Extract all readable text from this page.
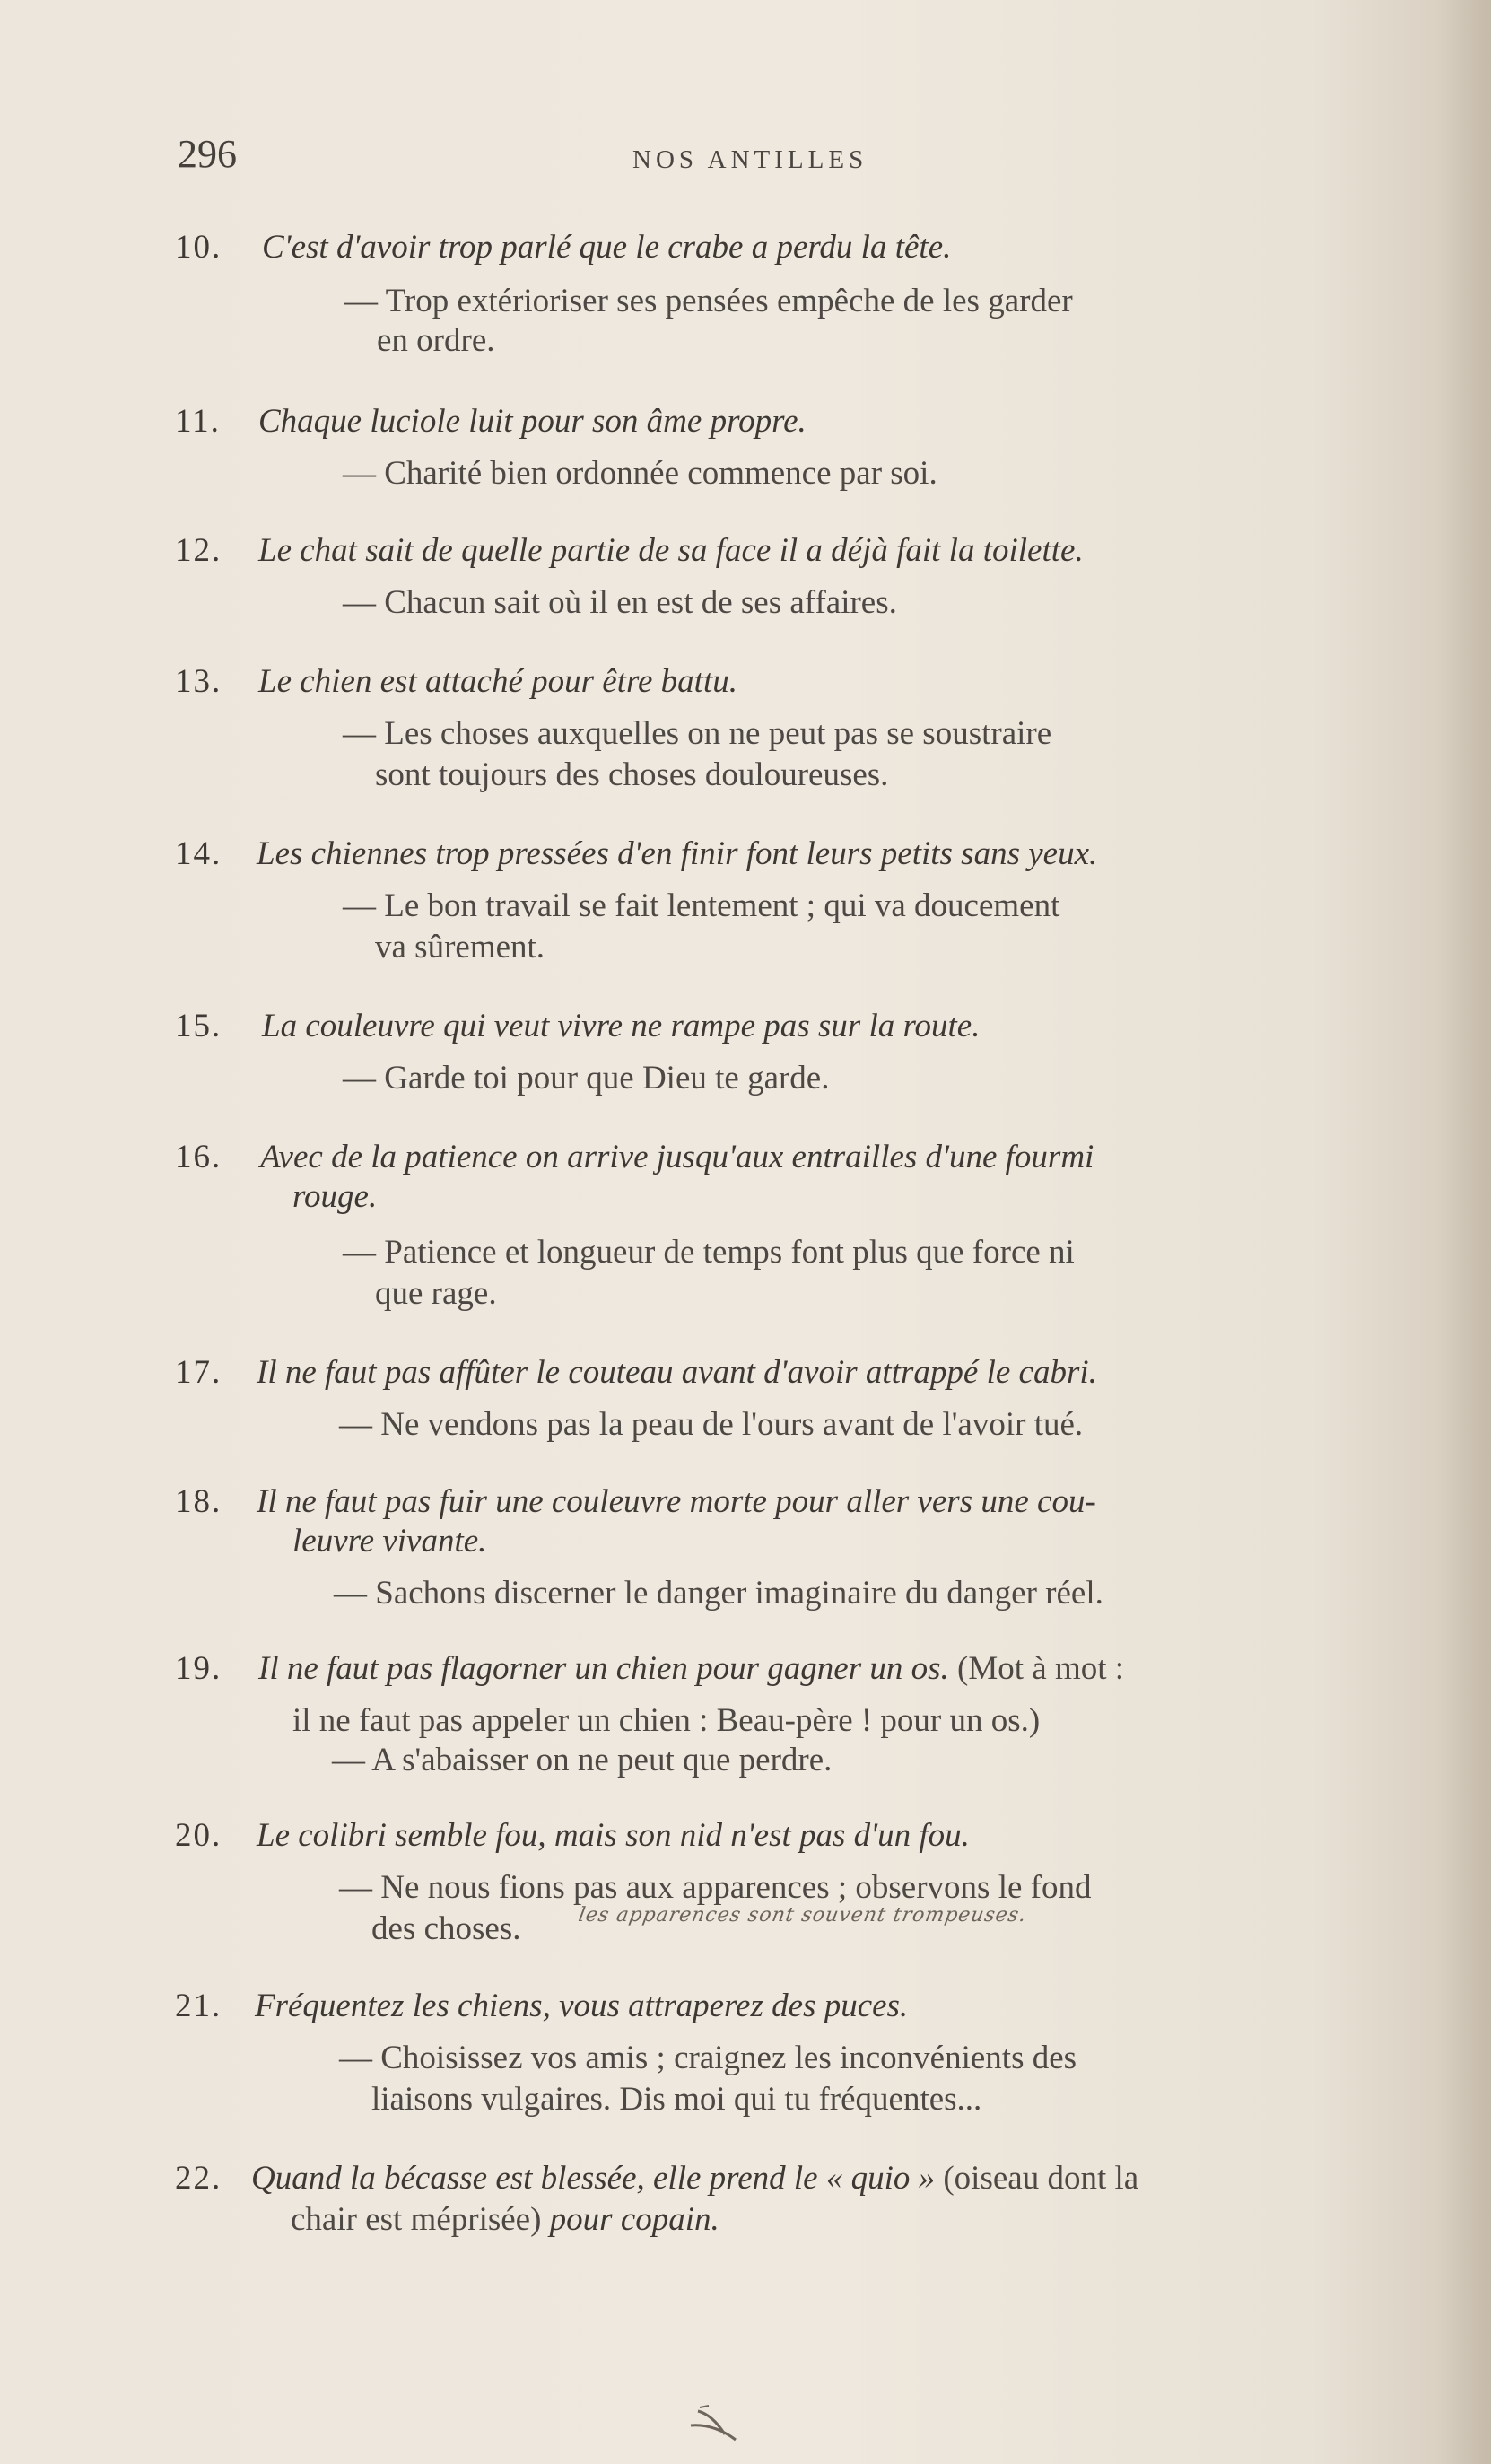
296	NOS ANTILLES
10. C'est d'avoir trop parlé que le crabe a perdu la tête.
— Trop extérioriser ses pensées empêche de les garder
en ordre.
11. Chaque luciole luit pour son âme propre.
— Charité bien ordonnée commence par soi.
12. Le chat sait de quelle partie de sa face il a déjà fait la toilette.
— Chacun sait où il en est de ses affaires.
13. Le chien est attaché pour être battu.
— Les choses auxquelles on ne peut pas se soustraire
sont toujours des choses douloureuses.
14. Les chiennes trop pressées d'en finir font leurs petits sans yeux.
— Le bon travail se fait lentement ; qui va doucement
va sûrement.
15. La couleuvre qui veut vivre ne rampe pas sur la route.
— Garde toi pour que Dieu te garde.
16. Avec de la patience on arrive jusqu'aux entrailles d'une fourmi
rouge.
— Patience et longueur de temps font plus que force ni
que rage.
17. Il ne faut pas affûter le couteau avant d'avoir attrappé le cabri.
— Ne vendons pas la peau de l'ours avant de l'avoir tué.
18. Il ne faut pas fuir une couleuvre morte pour aller vers une cou-
leuvre vivante.
— Sachons discerner le danger imaginaire du danger réel.
19. Il ne faut pas flagorner un chien pour gagner un os. (Mot à mot :
il ne faut pas appeler un chien : Beau-père ! pour un os.)
— A s'abaisser on ne peut que perdre.
20. Le colibri semble fou, mais son nid n'est pas d'un fou.
— Ne nous fions pas aux apparences ; observons le fond
des choses.
21. Fréquentez les chiens, vous attraperez des puces.
— Choisissez vos amis ; craignez les inconvénients des
liaisons vulgaires. Dis moi qui tu fréquentes...
22. Quand la bécasse est blessée, elle prend le « quio » (oiseau dont la
chair est méprisée) pour copain.
les apparences sont souvent trompeuses.
